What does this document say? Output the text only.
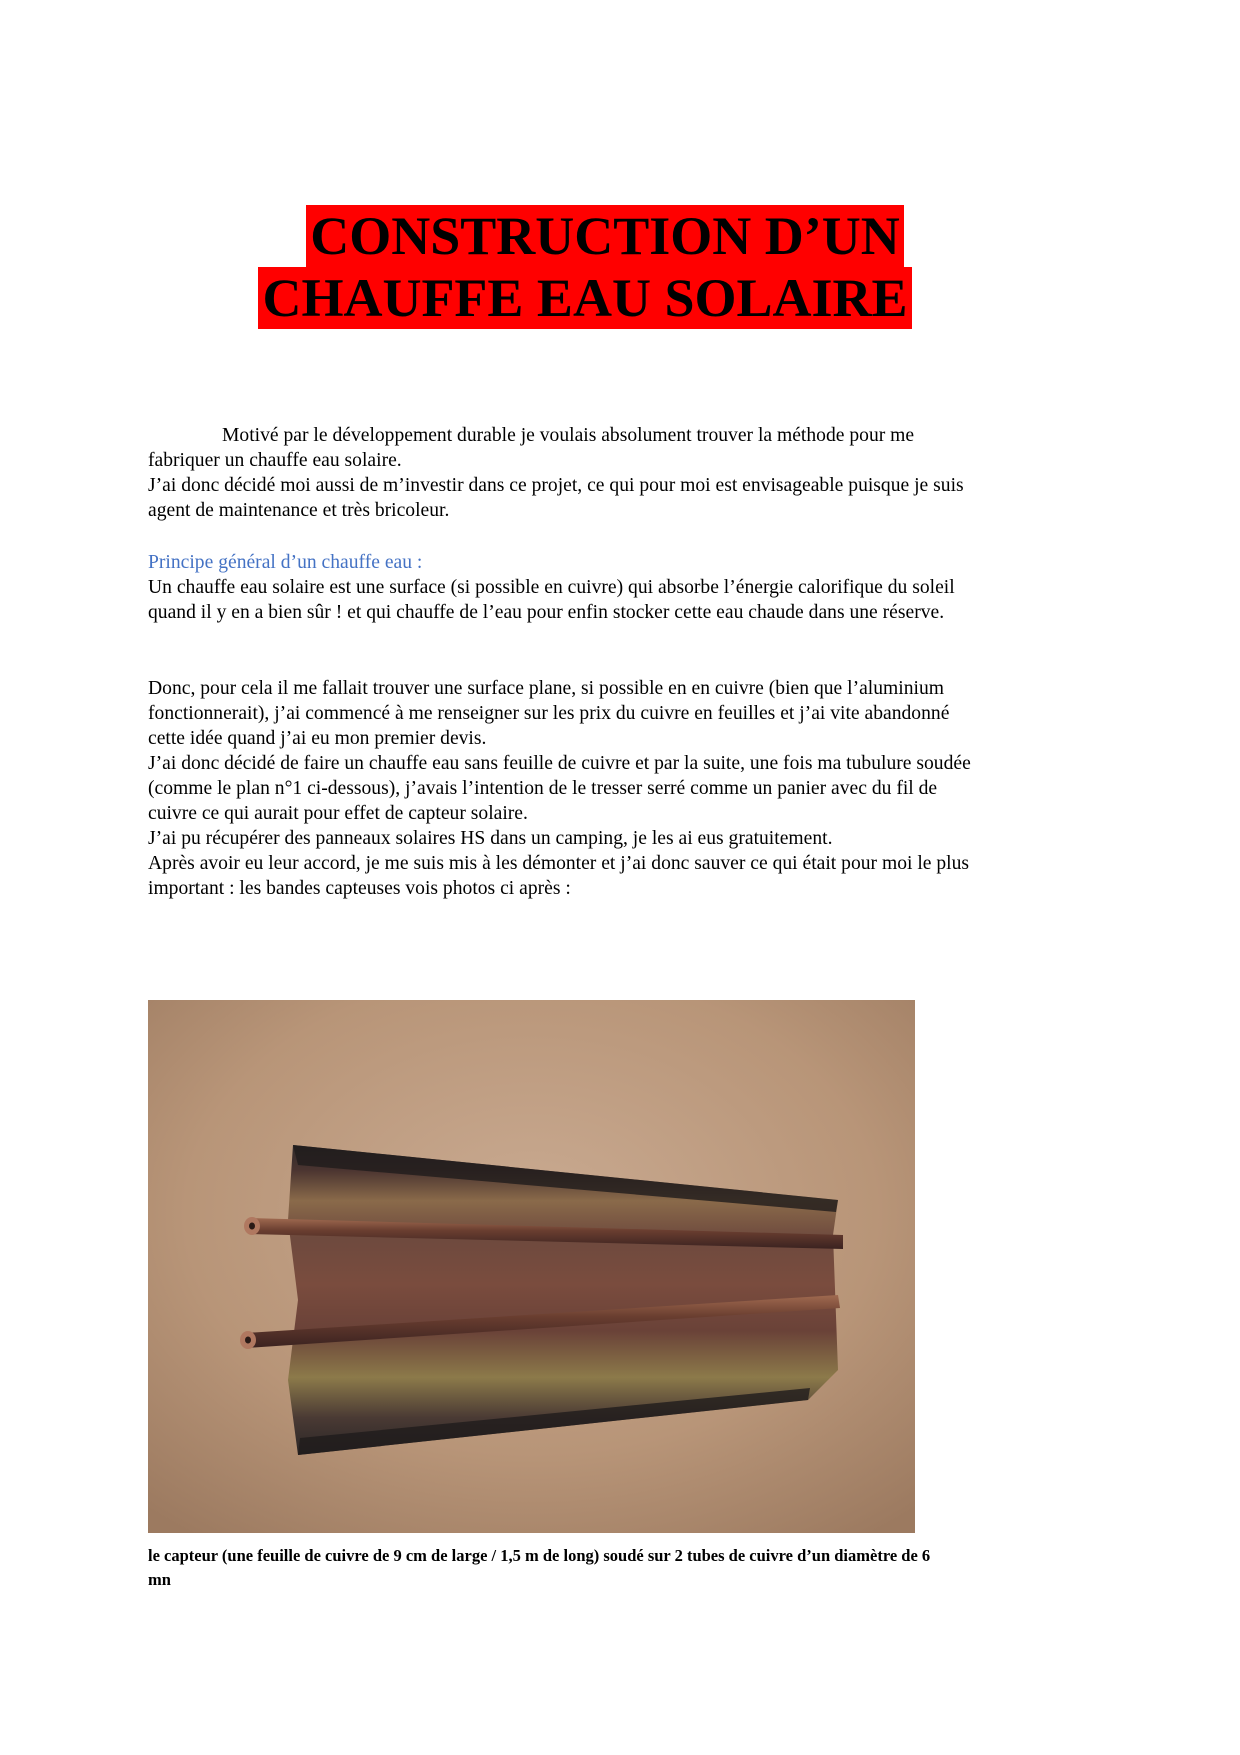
CONSTRUCTION D’UN
CHAUFFE EAU SOLAIRE

Motivé par le développement durable je voulais absolument trouver la méthode pour me fabriquer un chauffe eau solaire.

J’ai donc décidé moi aussi de m’investir dans ce projet, ce qui pour moi est envisageable puisque je suis agent de maintenance et très bricoleur.

Principe général d’un chauffe eau :

Un chauffe eau solaire est une surface (si possible en cuivre) qui absorbe l’énergie calorifique du soleil quand il y en a bien sûr ! et qui chauffe de l’eau pour enfin stocker cette eau chaude dans une réserve.

Donc, pour cela il me fallait trouver une surface plane, si possible en en cuivre (bien que l’aluminium fonctionnerait), j’ai commencé à me renseigner sur les prix du cuivre en feuilles et j’ai vite abandonné cette idée quand j’ai eu mon premier devis.

J’ai donc décidé de faire un chauffe eau sans feuille de cuivre et par la suite, une fois ma tubulure soudée (comme le plan n°1 ci-dessous), j’avais l’intention de le tresser serré comme un panier avec du fil de cuivre ce qui aurait pour effet de capteur solaire.

J’ai pu récupérer des panneaux solaires HS dans un camping, je les ai eus gratuitement.

Après avoir eu leur accord, je me suis mis à les démonter et j’ai donc sauver ce qui était pour moi le plus important : les bandes capteuses vois photos ci après :

le capteur (une feuille de cuivre de 9 cm de large / 1,5 m de long) soudé sur 2 tubes de cuivre d’un diamètre de 6 mn
